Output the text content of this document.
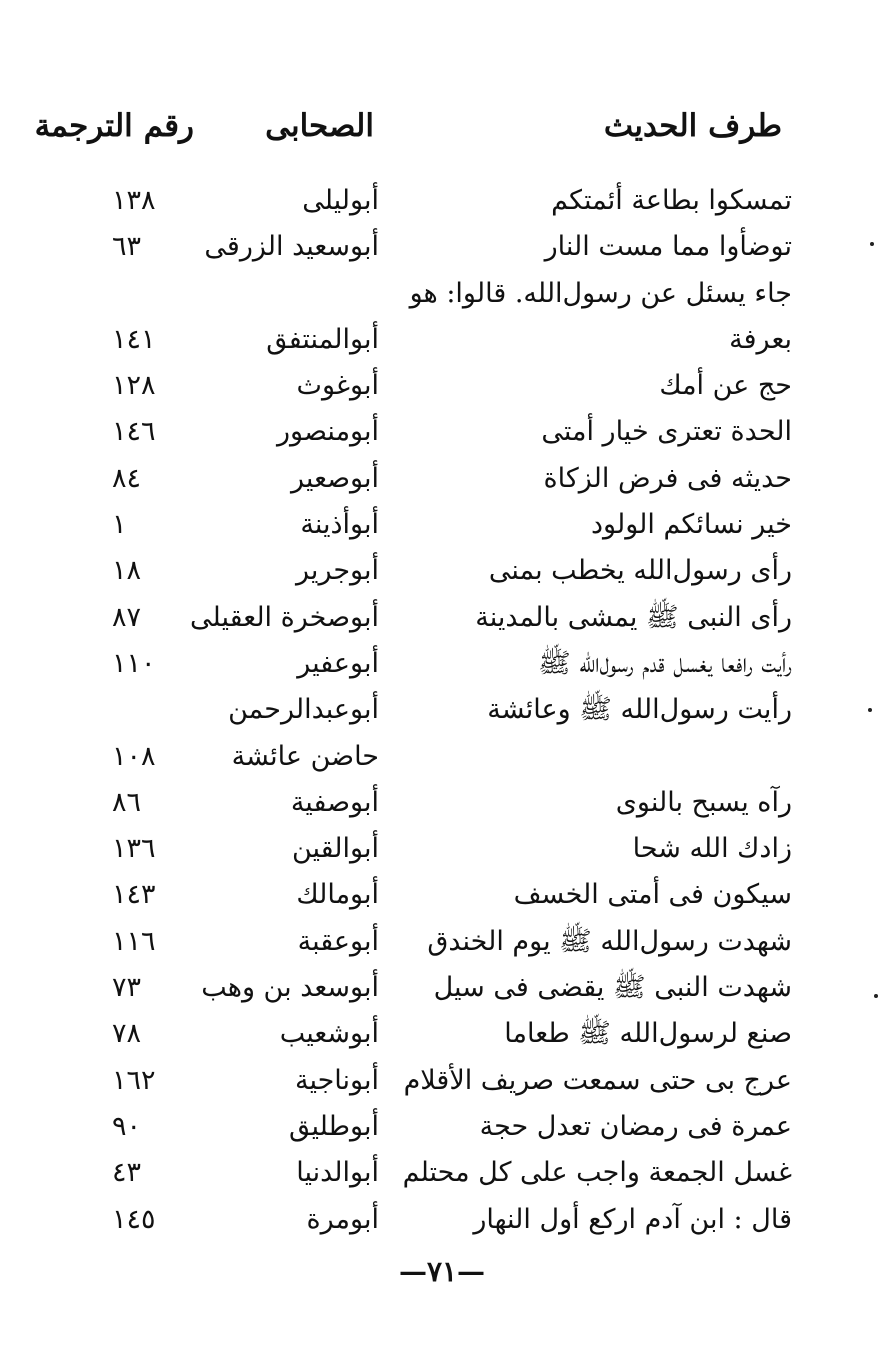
طرف الحديث
الصحابى
رقم الترجمة
تمسكوا بطاعة أئمتكم
أبوليلى
١٣٨
توضأوا مما مست النار
أبوسعيد الزرقى
٦٣
جاء يسئل عن رسول‌الله. قالوا: هو
بعرفة
أبوالمنتفق
١٤١
حج عن أمك
أبوغوث
١٢٨
الحدة تعترى خيار أمتى
أبومنصور
١٤٦
حديثه فى فرض الزكاة
أبوصعير
٨٤
خير نسائكم الولود
أبوأذينة
١
رأى رسول‌الله يخطب بمنى
أبوجرير
١٨
رأى النبى ﷺ يمشى بالمدينة
أبوصخرة العقيلى
٨٧
رأيت رافعا يغسل قدم رسول‌الله ﷺ
أبوعفير
١١٠
رأيت رسول‌الله ﷺ وعائشة
أبوعبدالرحمن
حاضن عائشة
١٠٨
رآه يسبح بالنوى
أبوصفية
٨٦
زادك الله شحا
أبوالقين
١٣٦
سيكون فى أمتى الخسف
أبومالك
١٤٣
شهدت رسول‌الله ﷺ يوم الخندق
أبوعقبة
١١٦
شهدت النبى ﷺ يقضى فى سيل
أبوسعد بن وهب
٧٣
صنع لرسول‌الله ﷺ طعاما
أبوشعيب
٧٨
عرج بى حتى سمعت صريف الأقلام
أبوناجية
١٦٢
عمرة فى رمضان تعدل حجة
أبوطليق
٩٠
غسل الجمعة واجب على كل محتلم
أبوالدنيا
٤٣
قال : ابن آدم اركع أول النهار
أبومرة
١٤٥
—٧١—
